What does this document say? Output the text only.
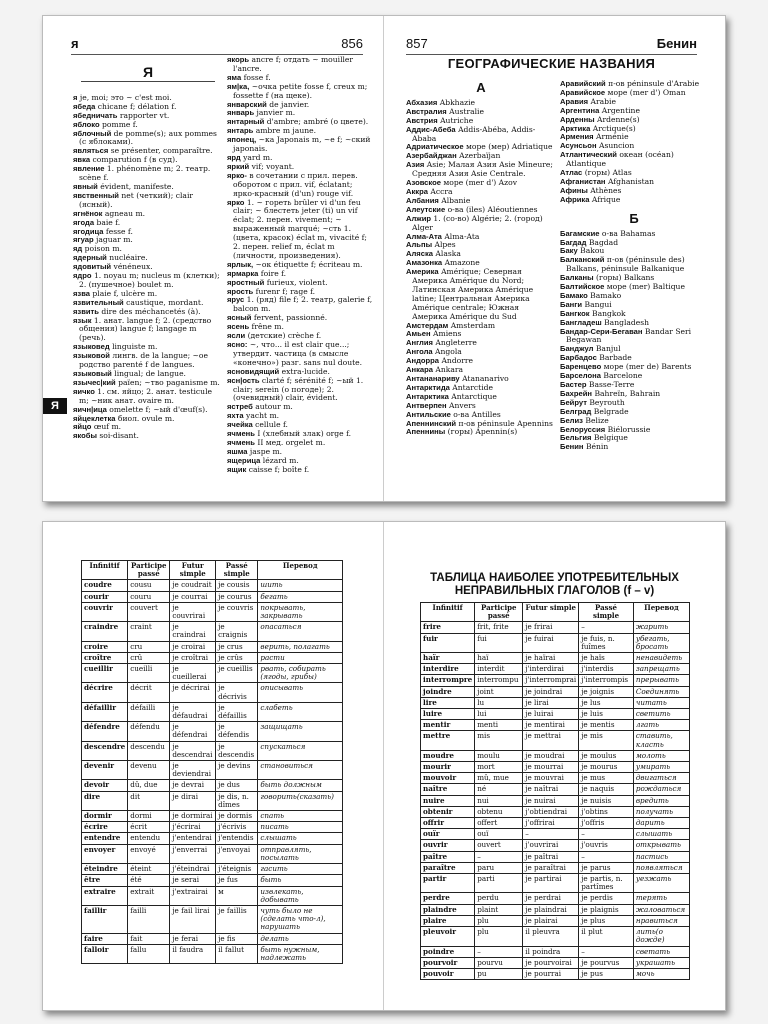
я	856
Я

я je, moi; это ~ c'est moi.

ябеда chicane f; délation f.

ябедничать rapporter vt.

яблоко pomme f.

яблочный de pomme(s); aux pommes (с яблоками).

являться se présenter, comparaître.

явка comparution f (в суд).

явление 1. phénomène m; 2. театр. scène f.

явный évident, manifeste.

явственный net (четкий); clair (ясный).

ягнёнок agneau m.

ягода baie f.

ягодица fesse f.

ягуар jaguar m.

яд poison m.

ядерный nucléaire.

ядовитый vénéneux.

ядро 1. noyau m; nucleus m (клетки); 2. (пушечное) boulet m.

язва plaie f, ulcère m.

язвительный caustique, mordant.

язвить dire des méchancetés (à).

язык 1. анат. langue f; 2. (средство общения) langue f; langage m (речь).

языковед linguiste m.

языковой лингв. de la langue; ~ое родство parenté f de langues.

языковый lingual; de langue.

язычес|кий païen; ~тво paganisme m.

яичко 1. см. яйцо; 2. анат. testicule m; ~ник анат. ovaire m.

яичн|ица omelette f; ~ый d'œuf(s).

яйцеклетка биол. ovule m.

яйцо œuf m.

якобы soi-disant.

якорь ancre f; отдать ~ mouiller l'ancre.

яма fosse f.

ям|ка, ~очка petite fosse f, creux m; fossette f (на щеке).

январский de janvier.

январь janvier m.

янтарный d'ambre; ambré (о цвете).

янтарь ambre m jaune.

японец, ~ка Japonais m, ~e f; ~ский japonais.

ярд yard m.

яркий vif; voyant.

ярко- в сочетании с прил. перев. оборотом с прил. vif, éclatant; ярко-красный (d'un) rouge vif.

ярко 1. ~ гореть brûler vi d'un feu clair; ~ блестеть jeter (ti) un vif éclat; 2. перен. vivement; ~ выраженный marqué; ~сть 1. (цвета, красок) éclat m, vivacité f; 2. перен. relief m, éclat m (личности, произведения).

ярлык, ~ок étiquette f; écriteau m.

ярмарка foire f.

яростный furieux, violent.

ярость furenr f; rage f.

ярус 1. (ряд) file f; 2. театр, galerie f, balcon m.

ясный fervent, passionné.

ясень frêne m.

ясли (детские) crèche f.

ясно: ~, что... il est clair que...; утвердит. частица (в смысле «конечно») разг. sans nul doute.

ясновидящий extra-lucide.

ясн|ость clarté f; sérénité f; ~ый 1. clair; serein (о погоде); 2. (очевидный) clair, évident.

ястреб autour m.

яхта yacht m.

ячейка cellule f.

ячмень I (хлебный злак) orge f.

ячмень II мед. orgelet m.

яшма jaspe m.

ящерица lézard m.

ящик caisse f; boîte f.

Я
857	Бенин
ГЕОГРАФИЧЕСКИЕ НАЗВАНИЯ
А

Абхазия Abkhazie

Австралия Australie

Австрия Autriche

Аддис-Абеба Addis-Abéba, Addis-Ababa

Адриатическое море (мер) Adriatique

Азербайджан Azerbaïjan

Азия Asie; Малая Азия Asie Mineure; Средняя Азия Asie Centrale.

Азовское море (mer d') Azov

Аккра Accra

Албания Albanie

Алеутские о-ва (iles) Aléoutiennes

Алжир 1. (со-во) Algérie; 2. (город) Alger

Алма-Ата Alma-Ata

Альпы Alpes

Аляска Alaska

Амазонка Amazone

Америка Amérique; Северная Америка Amérique du Nord; Латинская Америка Amérique latine; Центральная Америка Amérique centrale; Южная Америка Amérique du Sud

Амстердам Amsterdam

Амьен Amiens

Англия Angleterre

Ангола Angola

Андорра Andorre

Анкара Ankara

Антананариву Atananarivo

Антарктида Antarctide

Антарктика Antarctique

Антверпен Anvers

Антильские о-ва Antilles

Апеннинский п-ов péninsule Apennins

Апеннины (горы) Apennin(s)

Аравийский п-ов péninsule d'Arabie

Аравийское море (mer d') Oman

Аравия Arabie

Аргентина Argentine

Арденны Ardenne(s)

Арктика Arctique(s)

Армения Arménie

Асунсьон Asuncion

Атлантический океан (océan) Atlantique

Атлас (горы) Atlas

Афганистан Afghanistan

Афины Athènes

Африка Afrique

Б

Багамские о-ва Bahamas

Багдад Bagdad

Баку Bakou

Балканский п-ов (péninsule des) Balkans, péninsule Balkanique

Балканы (горы) Balkans

Балтийское море (mer) Baltique

Бамако Bamako

Банги Bangui

Бангкок Bangkok

Бангладеш Bangladesh

Бандар-Сери-Бегаван Bandar Seri Begawan

Банджул Banjul

Барбадос Barbade

Баренцево море (mer de) Barents

Барселона Barcelone

Бастер Basse-Terre

Бахрейн Bahreïn, Bahrain

Бейрут Beyrouth

Белград Belgrade

Белиз Belize

Белоруссия Biélorussie

Бельгия Belgique

Бенин Bénin

Infinitif	Participe passé	Futur simple	Passé simple	Перевод
coudre	cousu	je coudrait	je cousis	шить
courir	couru	je courrai	je courus	бегать
couvrir	couvert	je couvrirai	je couvris	покрывать, закрывать
craindre	craint	je craindrai	je craignis	опасаться
croire	cru	je croirai	je crus	верить, полагать
croître	crû	je croîtrai	je crûs	расти
cueillir	cueilli	je cueillerai	je cueillis	рвать, собирать (ягоды, грибы)
décrire	décrit	je décrirai	je décrivis	описывать
défaillir	défailli	je défaudrai	je défaillis	слабеть
défendre	défendu	je défendrai	je défendis	защищать
descendre	descendu	je descendrai	je descendis	спускаться
devenir	devenu	je deviendrai	je devins	становиться
devoir	dû, due	je devrai	je dus	быть должным
dire	dit	je dirai	je dis, n. dîmes	говорить(сказать)
dormir	dormi	je dormirai	je dormis	спать
écrire	écrit	j'écrirai	j'écrivis	писать
entendre	entendu	j'entendrai	j'entendis	слышать
envoyer	envoyé	j'enverrai	j'envoyai	отправлять, посылать
éteindre	éteint	j'éteindrai	j'éteignis	гасить
être	été	je serai	je fus	быть
extraire	extrait	j'extrairai	м	извлекать, добывать
faillir	failli	je fail lirai	je faillis	чуть было не (сделать что-л), нарушать
faire	fait	je ferai	je fis	делать
falloir	fallu	il faudra	il fallut	быть нужным, надлежать
ТАБЛИЦА НАИБОЛЕЕ УПОТРЕБИТЕЛЬНЫХ
НЕПРАВИЛЬНЫХ ГЛАГОЛОВ (f – v)
Infinitif	Participe passé	Futur simple	Passé simple	Перевод
frire	frit, frite	je frirai	–	жарить
fuir	fui	je fuirai	je fuis, n. fuîmes	убегать, бросать
haïr	haï	je haïrai	je haïs	ненавидеть
interdire	interdit	j'interdirai	j'interdis	запрещать
interrompre	interrompu	j'interromprai	j'interrompis	прерывать
joindre	joint	je joindrai	je joignis	Соединять
lire	lu	je lirai	je lus	читать
luire	lui	je luirai	je luis	светить
mentir	menti	je mentirai	je mentis	лгать
mettre	mis	je mettrai	je mis	ставить, класть
moudre	moulu	je moudrai	je moulus	молоть
mourir	mort	je mourrai	je mourus	умирать
mouvoir	mû, mue	je mouvrai	je mus	двигаться
naître	né	je naîtrai	je naquis	рождаться
nuire	nui	je nuirai	je nuisis	вредить
obtenir	obtenu	j'obtiendrai	j'obtins	получать
offrir	offert	j'offrirai	j'offris	дарить
ouïr	ouï	–	–	слышать
ouvrir	ouvert	j'ouvrirai	j'ouvris	открывать
paître	–	je paîtrai	–	пастись
paraître	paru	je paraîtrai	je parus	появляться
partir	parti	je partirai	je partis, n. partîmes	уезжать
perdre	perdu	je perdrai	je perdis	терять
plaindre	plaint	je plaindrai	je plaignis	жаловаться
plaire	plu	je plairai	je plus	нравиться
pleuvoir	plu	il pleuvra	il plut	лить(о дожде)
poindre	–	il poindra	–	светать
pourvoir	pourvu	je pourvoirai	je pourvus	украшать
pouvoir	pu	je pourrai	je pus	мочь
